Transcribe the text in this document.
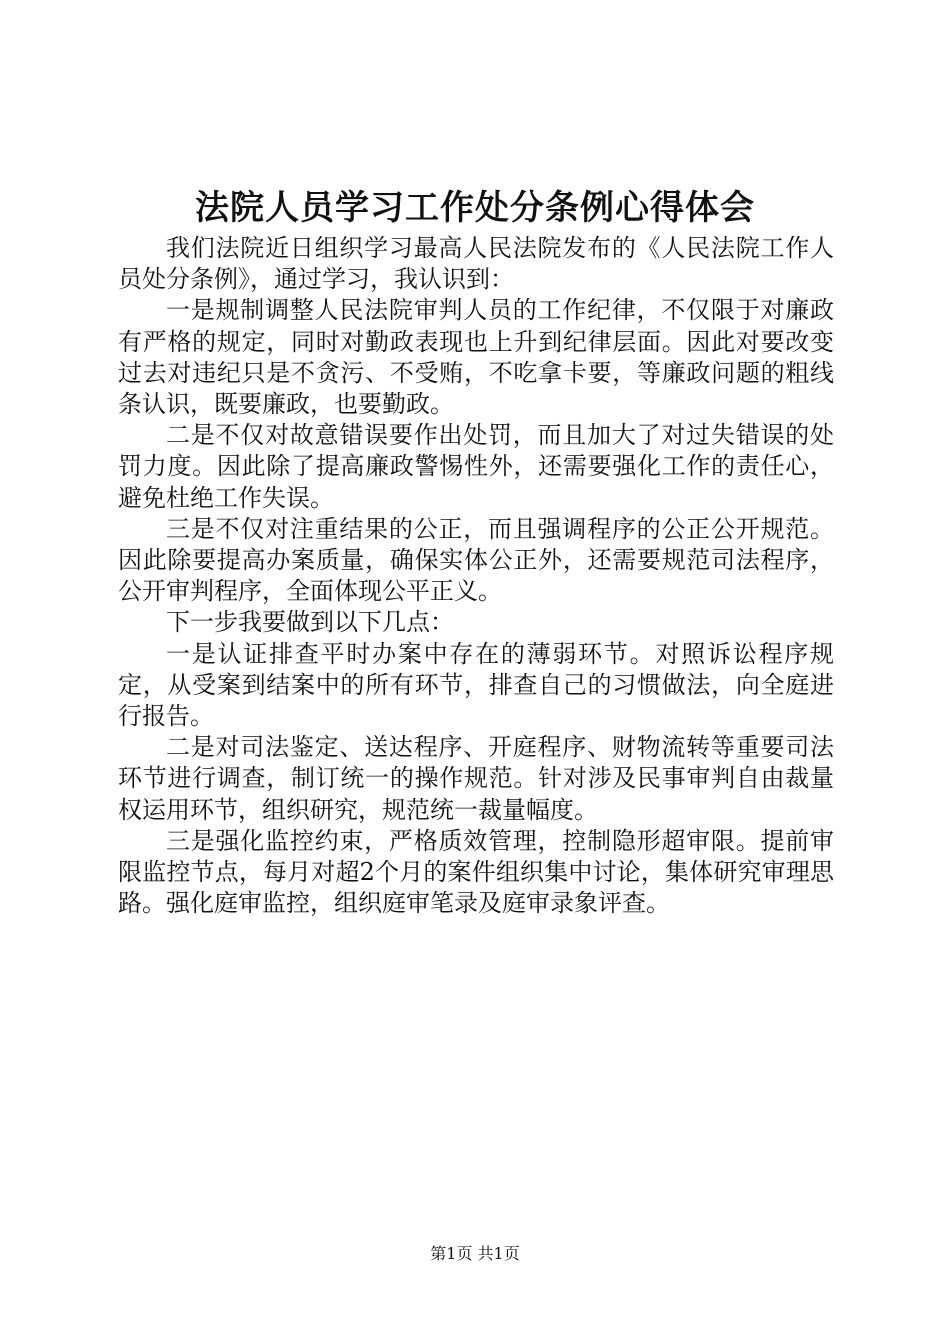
法院人员学习工作处分条例心得体会

我们法院近日组织学习最高人民法院发布的《人民法院工作人员处分条例》，通过学习，我认识到：

一是规制调整人民法院审判人员的工作纪律，不仅限于对廉政有严格的规定，同时对勤政表现也上升到纪律层面。因此对要改变过去对违纪只是不贪污、不受贿，不吃拿卡要，等廉政问题的粗线条认识，既要廉政，也要勤政。

二是不仅对故意错误要作出处罚，而且加大了对过失错误的处罚力度。因此除了提高廉政警惕性外，还需要强化工作的责任心，避免杜绝工作失误。

三是不仅对注重结果的公正，而且强调程序的公正公开规范。因此除要提高办案质量，确保实体公正外，还需要规范司法程序，公开审判程序，全面体现公平正义。

下一步我要做到以下几点：

一是认证排查平时办案中存在的薄弱环节。对照诉讼程序规定，从受案到结案中的所有环节，排查自己的习惯做法，向全庭进行报告。

二是对司法鉴定、送达程序、开庭程序、财物流转等重要司法环节进行调查，制订统一的操作规范。针对涉及民事审判自由裁量权运用环节，组织研究，规范统一裁量幅度。

三是强化监控约束，严格质效管理，控制隐形超审限。提前审限监控节点，每月对超2个月的案件组织集中讨论，集体研究审理思路。强化庭审监控，组织庭审笔录及庭审录象评查。

第1页 共1页
